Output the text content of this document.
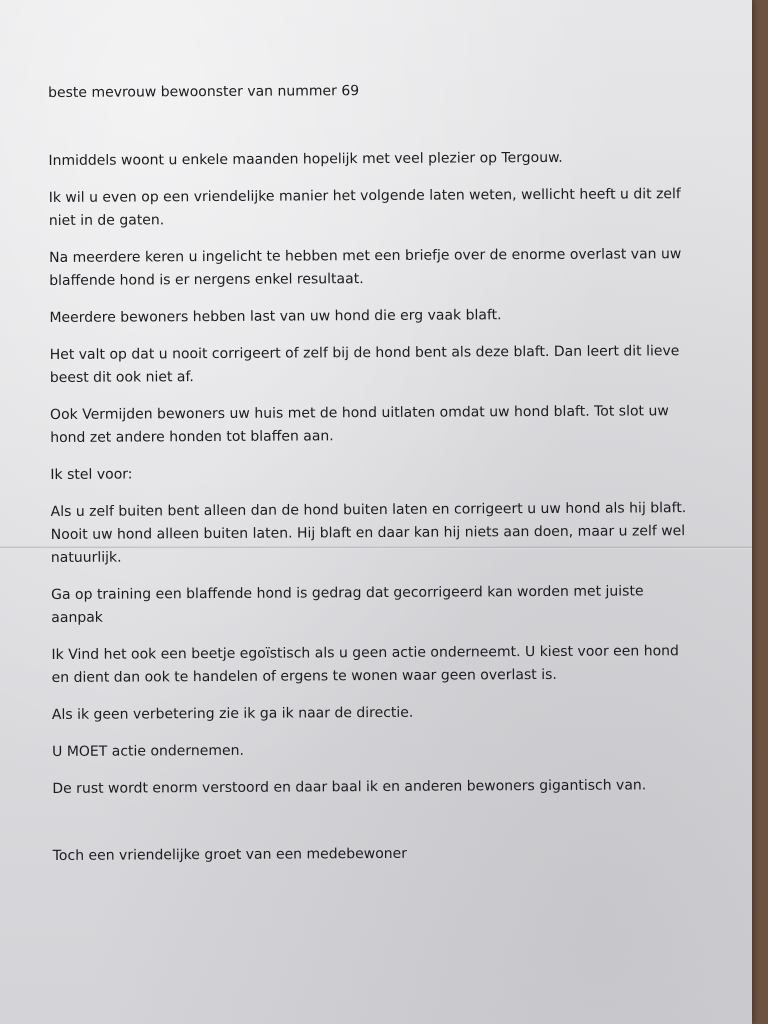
beste mevrouw bewoonster van nummer 69

Inmiddels woont u enkele maanden hopelijk met veel plezier op Tergouw.

Ik wil u even op een vriendelijke manier het volgende laten weten, wellicht heeft u dit zelf niet in de gaten.

Na meerdere keren u ingelicht te hebben met een briefje over de enorme overlast van uw blaffende hond is er nergens enkel resultaat.

Meerdere bewoners hebben last van uw hond die erg vaak blaft.

Het valt op dat u nooit corrigeert of zelf bij de hond bent als deze blaft. Dan leert dit lieve beest dit ook niet af.

Ook Vermijden bewoners uw huis met de hond uitlaten omdat uw hond blaft. Tot slot uw hond zet andere honden tot blaffen aan.

Ik stel voor:

Als u zelf buiten bent alleen dan de hond buiten laten en corrigeert u uw hond als hij blaft. Nooit uw hond alleen buiten laten. Hij blaft en daar kan hij niets aan doen, maar u zelf wel natuurlijk.

Ga op training een blaffende hond is gedrag dat gecorrigeerd kan worden met juiste aanpak

Ik Vind het ook een beetje egoïstisch als u geen actie onderneemt. U kiest voor een hond en dient dan ook te handelen of ergens te wonen waar geen overlast is.

Als ik geen verbetering zie ik ga ik naar de directie.

U MOET actie ondernemen.

De rust wordt enorm verstoord en daar baal ik en anderen bewoners gigantisch van.

Toch een vriendelijke groet van een medebewoner
